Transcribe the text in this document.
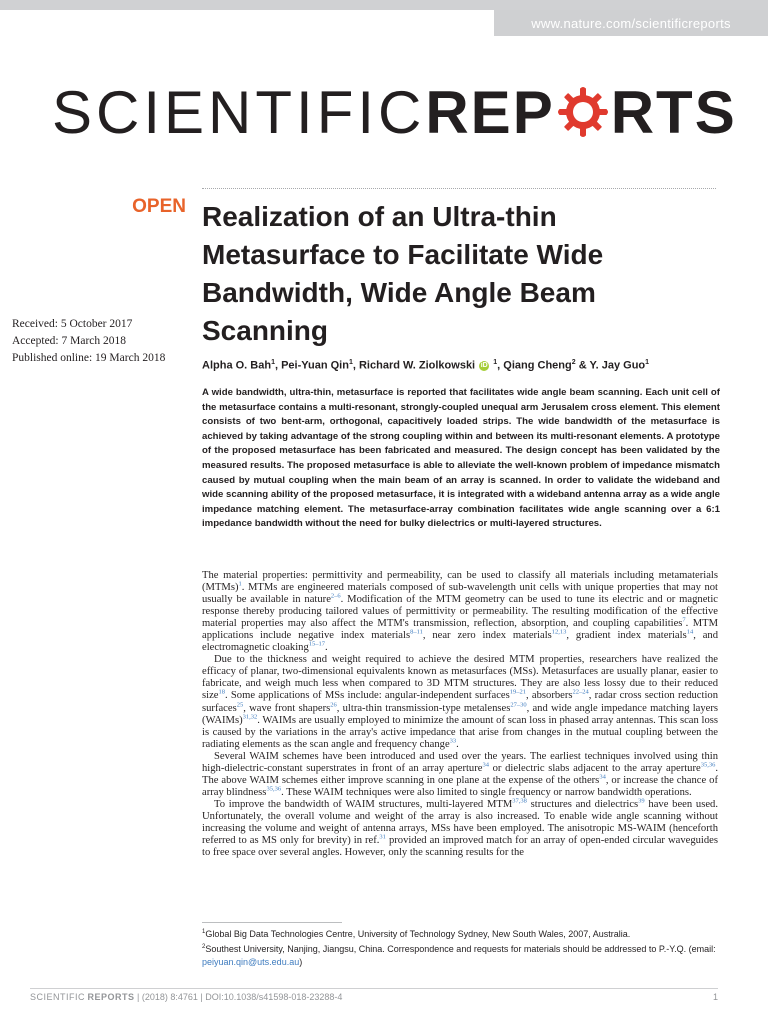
www.nature.com/scientificreports
SCIENTIFIC REP RTS
OPEN Realization of an Ultra-thin Metasurface to Facilitate Wide Bandwidth, Wide Angle Beam Scanning
Received: 5 October 2017
Accepted: 7 March 2018
Published online: 19 March 2018
Alpha O. Bah$^1$, Pei-Yuan Qin$^1$, Richard W. Ziolkowski iD $^1$, Qiang Cheng$^2$ & Y. Jay Guo$^1$

A wide bandwidth, ultra-thin, metasurface is reported that facilitates wide angle beam scanning. Each unit cell of the metasurface contains a multi-resonant, strongly-coupled unequal arm Jerusalem cross element. This element consists of two bent-arm, orthogonal, capacitively loaded strips. The wide bandwidth of the metasurface is achieved by taking advantage of the strong coupling within and between its multi-resonant elements. A prototype of the proposed metasurface has been fabricated and measured. The design concept has been validated by the measured results. The proposed metasurface is able to alleviate the well-known problem of impedance mismatch caused by mutual coupling when the main beam of an array is scanned. In order to validate the wideband and wide scanning ability of the proposed metasurface, it is integrated with a wideband antenna array as a wide angle impedance matching element. The metasurface-array combination facilitates wide angle scanning over a 6:1 impedance bandwidth without the need for bulky dielectrics or multi-layered structures.

The material properties: permittivity and permeability, can be used to classify all materials including metamaterials (MTMs)$^1$. MTMs are engineered materials composed of sub-wavelength unit cells with unique properties that may not usually be available in nature$^{2-6}$. Modification of the MTM geometry can be used to tune its electric and or magnetic response thereby producing tailored values of permittivity or permeability. The resulting modification of the effective material properties may also affect the MTM's transmission, reflection, absorption, and coupling capabilities$^7$. MTM applications include negative index materials$^{8-11}$, near zero index materials$^{12,13}$, gradient index materials$^{14}$, and electromagnetic cloaking$^{15-17}$.

Due to the thickness and weight required to achieve the desired MTM properties, researchers have realized the efficacy of planar, two-dimensional equivalents known as metasurfaces (MSs). Metasurfaces are usually planar, easier to fabricate, and weigh much less when compared to 3D MTM structures. They are also less lossy due to their reduced size$^{18}$. Some applications of MSs include: angular-independent surfaces$^{19-21}$, absorbers$^{22-24}$, radar cross section reduction surfaces$^{25}$, wave front shapers$^{26}$, ultra-thin transmission-type metalenses$^{27-30}$, and wide angle impedance matching layers (WAIMs)$^{31,32}$. WAIMs are usually employed to minimize the amount of scan loss in phased array antennas. This scan loss is caused by the variations in the array's active impedance that arise from changes in the mutual coupling between the radiating elements as the scan angle and frequency change$^{33}$.

Several WAIM schemes have been introduced and used over the years. The earliest techniques involved using thin high-dielectric-constant superstrates in front of an array aperture$^{34}$ or dielectric slabs adjacent to the array aperture$^{35,36}$. The above WAIM schemes either improve scanning in one plane at the expense of the others$^{34}$, or increase the chance of array blindness$^{35,36}$. These WAIM techniques were also limited to single frequency or narrow bandwidth operations.

To improve the bandwidth of WAIM structures, multi-layered MTM$^{37,38}$ structures and dielectrics$^{39}$ have been used. Unfortunately, the overall volume and weight of the array is also increased. To enable wide angle scanning without increasing the volume and weight of antenna arrays, MSs have been employed. The anisotropic MS-WAIM (henceforth referred to as MS only for brevity) in ref.$^{31}$ provided an improved match for an array of open-ended circular waveguides to free space over several angles. However, only the scanning results for the

$^1$Global Big Data Technologies Centre, University of Technology Sydney, New South Wales, 2007, Australia.
$^2$Southest University, Nanjing, Jiangsu, China. Correspondence and requests for materials should be addressed to P.-Y.Q. (email: peiyuan.qin@uts.edu.au)
SCIENTIFIC REPORTS | (2018) 8:4761 | DOI:10.1038/s41598-018-23288-4	1
